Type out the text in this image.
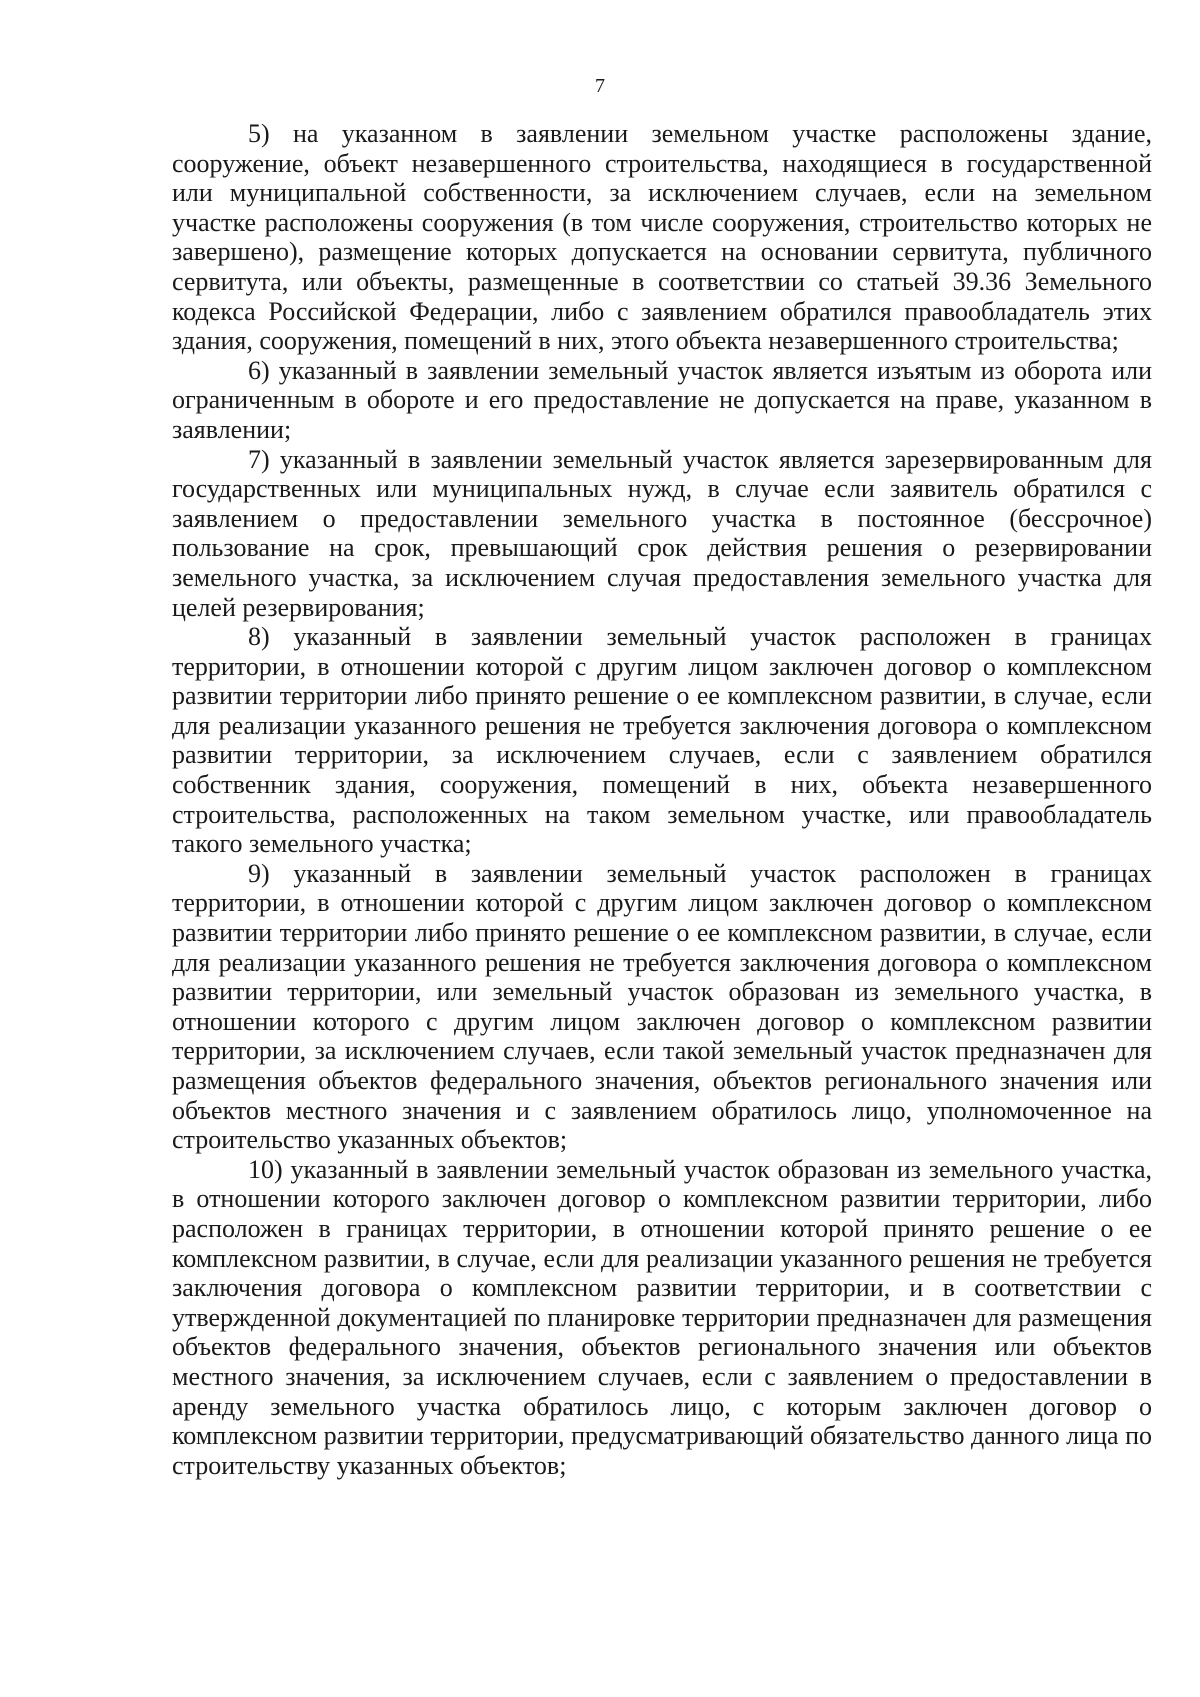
7

5) на указанном в заявлении земельном участке расположены здание, сооружение, объект незавершенного строительства, находящиеся в государственной или муниципальной собственности, за исключением случаев, если на земельном участке расположены сооружения (в том числе сооружения, строительство которых не завершено), размещение которых допускается на основании сервитута, публичного сервитута, или объекты, размещенные в соответствии со статьей 39.36 Земельного кодекса Российской Федерации, либо с заявлением обратился правообладатель этих здания, сооружения, помещений в них, этого объекта незавершенного строительства;

6) указанный в заявлении земельный участок является изъятым из оборота или ограниченным в обороте и его предоставление не допускается на праве, указанном в заявлении;

7) указанный в заявлении земельный участок является зарезервированным для государственных или муниципальных нужд, в случае если заявитель обратился с заявлением о предоставлении земельного участка в постоянное (бессрочное) пользование на срок, превышающий срок действия решения о резервировании земельного участка, за исключением случая предоставления земельного участка для целей резервирования;

8) указанный в заявлении земельный участок расположен в границах территории, в отношении которой с другим лицом заключен договор о комплексном развитии территории либо принято решение о ее комплексном развитии, в случае, если для реализации указанного решения не требуется заключения договора о комплексном развитии территории, за исключением случаев, если с заявлением обратился собственник здания, сооружения, помещений в них, объекта незавершенного строительства, расположенных на таком земельном участке, или правообладатель такого земельного участка;

9) указанный в заявлении земельный участок расположен в границах территории, в отношении которой с другим лицом заключен договор о комплексном развитии территории либо принято решение о ее комплексном развитии, в случае, если для реализации указанного решения не требуется заключения договора о комплексном развитии территории, или земельный участок образован из земельного участка, в отношении которого с другим лицом заключен договор о комплексном развитии территории, за исключением случаев, если такой земельный участок предназначен для размещения объектов федерального значения, объектов регионального значения или объектов местного значения и с заявлением обратилось лицо, уполномоченное на строительство указанных объектов;

10) указанный в заявлении земельный участок образован из земельного участка, в отношении которого заключен договор о комплексном развитии территории, либо расположен в границах территории, в отношении которой принято решение о ее комплексном развитии, в случае, если для реализации указанного решения не требуется заключения договора о комплексном развитии территории, и в соответствии с утвержденной документацией по планировке территории предназначен для размещения объектов федерального значения, объектов регионального значения или объектов местного значения, за исключением случаев, если с заявлением о предоставлении в аренду земельного участка обратилось лицо, с которым заключен договор о комплексном развитии территории, предусматривающий обязательство данного лица по строительству указанных объектов;
